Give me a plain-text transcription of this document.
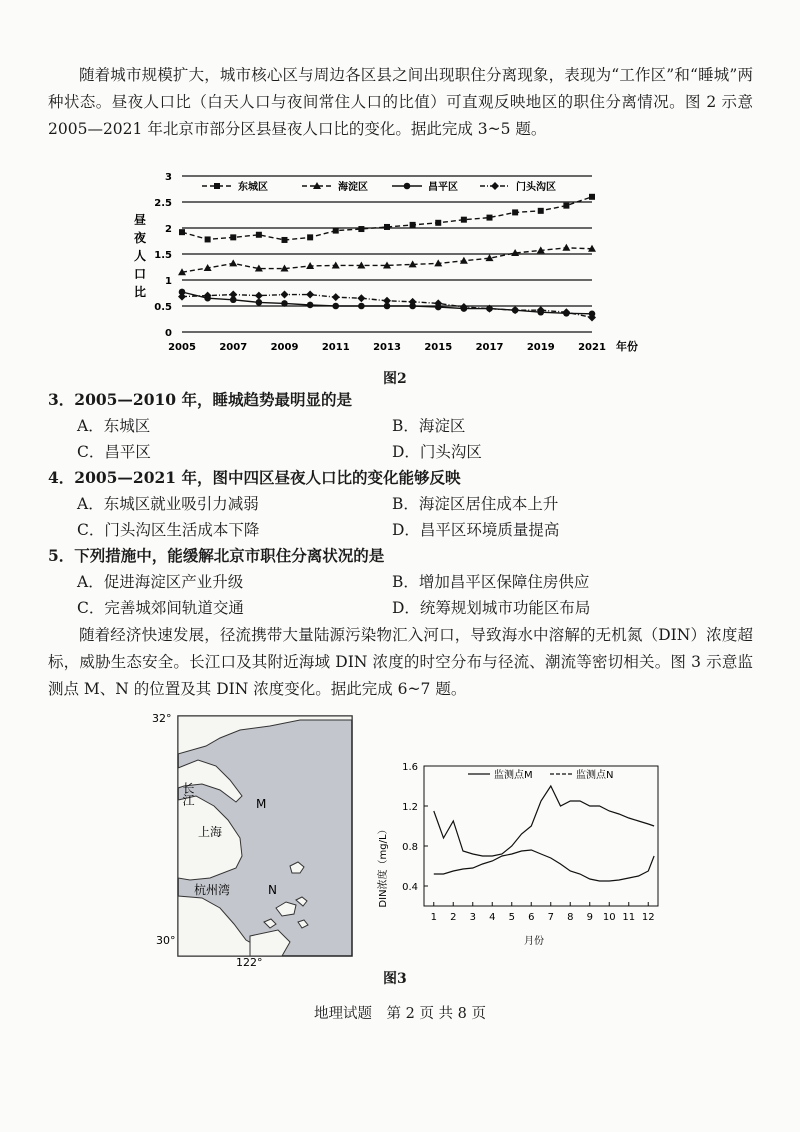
随着城市规模扩大，城市核心区与周边各区县之间出现职住分离现象，表现为“工作区”和“睡城”两种状态。昼夜人口比（白天人口与夜间常住人口的比值）可直观反映地区的职住分离情况。图 2 示意 2005—2021 年北京市部分区县昼夜人口比的变化。据此完成 3~5 题。

昼
夜
人
口
比
0
0.5
1
1.5
2
2.5
3
2005 2007 2009 2011 2013 2015 2017 2019 2021
东城区	海淀区	昌平区	门头沟区
年份
图2
3．2005—2010 年，睡城趋势最明显的是
A．东城区	B．海淀区
C．昌平区	D．门头沟区
4．2005—2021 年，图中四区昼夜人口比的变化能够反映
A．东城区就业吸引力减弱	B．海淀区居住成本上升
C．门头沟区生活成本下降	D．昌平区环境质量提高
5．下列措施中，能缓解北京市职住分离状况的是
A．促进海淀区产业升级	B．增加昌平区保障住房供应
C．完善城郊间轨道交通	D．统筹规划城市功能区布局

随着经济快速发展，径流携带大量陆源污染物汇入河口，导致海水中溶解的无机氮（DIN）浓度超标，威胁生态安全。长江口及其附近海域 DIN 浓度的时空分布与径流、潮流等密切相关。图 3 示意监测点 M、N 的位置及其 DIN 浓度变化。据此完成 6~7 题。

32°
30°
122°
长江
上海
杭州湾
M
N	DIN浓度（mg/L） 0.4
0.8
1.2
1.6
1 2 3 4 5 6 7 8 9 10 11 12
监测点M	监测点N
月份
图3
地理试题　第 2 页 共 8 页
